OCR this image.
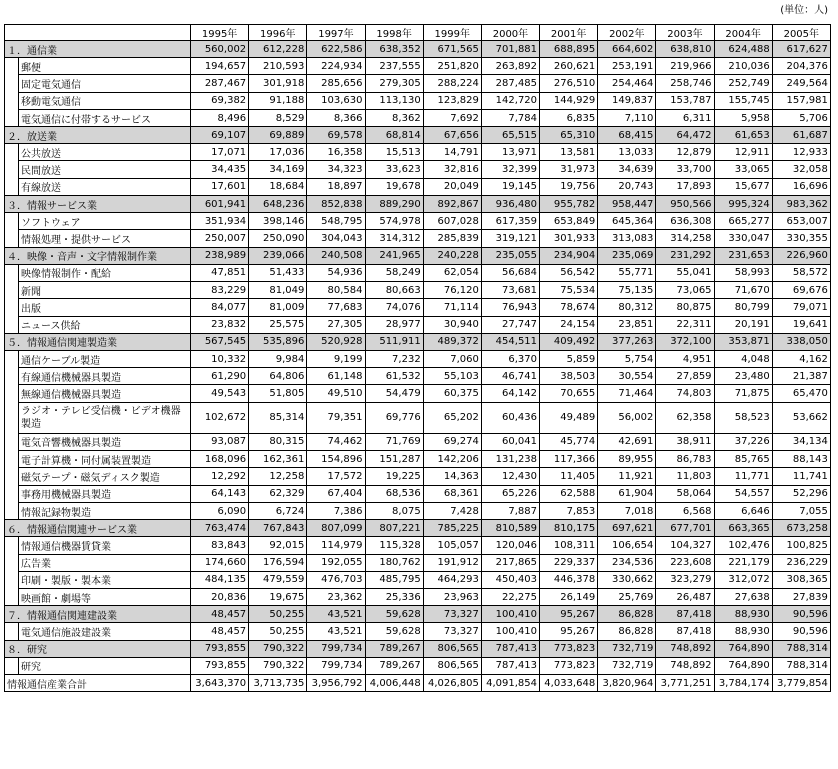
(単位：人)
		1995年	1996年	1997年	1998年	1999年	2000年	2001年	2002年	2003年	2004年	2005年
１．通信業		560,002	612,228	622,586	638,352	671,565	701,881	688,895	664,602	638,810	624,488	617,627
	郵便	194,657	210,593	224,934	237,555	251,820	263,892	260,621	253,191	219,966	210,036	204,376
	固定電気通信	287,467	301,918	285,656	279,305	288,224	287,485	276,510	254,464	258,746	252,749	249,564
	移動電気通信	69,382	91,188	103,630	113,130	123,829	142,720	144,929	149,837	153,787	155,745	157,981
	電気通信に付帯するサービス	8,496	8,529	8,366	8,362	7,692	7,784	6,835	7,110	6,311	5,958	5,706
２．放送業		69,107	69,889	69,578	68,814	67,656	65,515	65,310	68,415	64,472	61,653	61,687
	公共放送	17,071	17,036	16,358	15,513	14,791	13,971	13,581	13,033	12,879	12,911	12,933
	民間放送	34,435	34,169	34,323	33,623	32,816	32,399	31,973	34,639	33,700	33,065	32,058
	有線放送	17,601	18,684	18,897	19,678	20,049	19,145	19,756	20,743	17,893	15,677	16,696
３．情報サービス業		601,941	648,236	852,838	889,290	892,867	936,480	955,782	958,447	950,566	995,324	983,362
	ソフトウェア	351,934	398,146	548,795	574,978	607,028	617,359	653,849	645,364	636,308	665,277	653,007
	情報処理・提供サービス	250,007	250,090	304,043	314,312	285,839	319,121	301,933	313,083	314,258	330,047	330,355
４．映像・音声・文字情報制作業		238,989	239,066	240,508	241,965	240,228	235,055	234,904	235,069	231,292	231,653	226,960
	映像情報制作・配給	47,851	51,433	54,936	58,249	62,054	56,684	56,542	55,771	55,041	58,993	58,572
	新聞	83,229	81,049	80,584	80,663	76,120	73,681	75,534	75,135	73,065	71,670	69,676
	出版	84,077	81,009	77,683	74,076	71,114	76,943	78,674	80,312	80,875	80,799	79,071
	ニュース供給	23,832	25,575	27,305	28,977	30,940	27,747	24,154	23,851	22,311	20,191	19,641
５．情報通信関連製造業		567,545	535,896	520,928	511,911	489,372	454,511	409,492	377,263	372,100	353,871	338,050
	通信ケーブル製造	10,332	9,984	9,199	7,232	7,060	6,370	5,859	5,754	4,951	4,048	4,162
	有線通信機械器具製造	61,290	64,806	61,148	61,532	55,103	46,741	38,503	30,554	27,859	23,480	21,387
	無線通信機械器具製造	49,543	51,805	49,510	54,479	60,375	64,142	70,655	71,464	74,803	71,875	65,470
	ラジオ・テレビ受信機・ビデオ機器製造	102,672	85,314	79,351	69,776	65,202	60,436	49,489	56,002	62,358	58,523	53,662
	電気音響機械器具製造	93,087	80,315	74,462	71,769	69,274	60,041	45,774	42,691	38,911	37,226	34,134
	電子計算機・同付属装置製造	168,096	162,361	154,896	151,287	142,206	131,238	117,366	89,955	86,783	85,765	88,143
	磁気テープ・磁気ディスク製造	12,292	12,258	17,572	19,225	14,363	12,430	11,405	11,921	11,803	11,771	11,741
	事務用機械器具製造	64,143	62,329	67,404	68,536	68,361	65,226	62,588	61,904	58,064	54,557	52,296
	情報記録物製造	6,090	6,724	7,386	8,075	7,428	7,887	7,853	7,018	6,568	6,646	7,055
６．情報通信関連サービス業		763,474	767,843	807,099	807,221	785,225	810,589	810,175	697,621	677,701	663,365	673,258
	情報通信機器賃貸業	83,843	92,015	114,979	115,328	105,057	120,046	108,311	106,654	104,327	102,476	100,825
	広告業	174,660	176,594	192,055	180,762	191,912	217,865	229,337	234,536	223,608	221,179	236,229
	印刷・製版・製本業	484,135	479,559	476,703	485,795	464,293	450,403	446,378	330,662	323,279	312,072	308,365
	映画館・劇場等	20,836	19,675	23,362	25,336	23,963	22,275	26,149	25,769	26,487	27,638	27,839
７．情報通信関連建設業		48,457	50,255	43,521	59,628	73,327	100,410	95,267	86,828	87,418	88,930	90,596
	電気通信施設建設業	48,457	50,255	43,521	59,628	73,327	100,410	95,267	86,828	87,418	88,930	90,596
８．研究		793,855	790,322	799,734	789,267	806,565	787,413	773,823	732,719	748,892	764,890	788,314
	研究	793,855	790,322	799,734	789,267	806,565	787,413	773,823	732,719	748,892	764,890	788,314
情報通信産業合計		3,643,370	3,713,735	3,956,792	4,006,448	4,026,805	4,091,854	4,033,648	3,820,964	3,771,251	3,784,174	3,779,854
